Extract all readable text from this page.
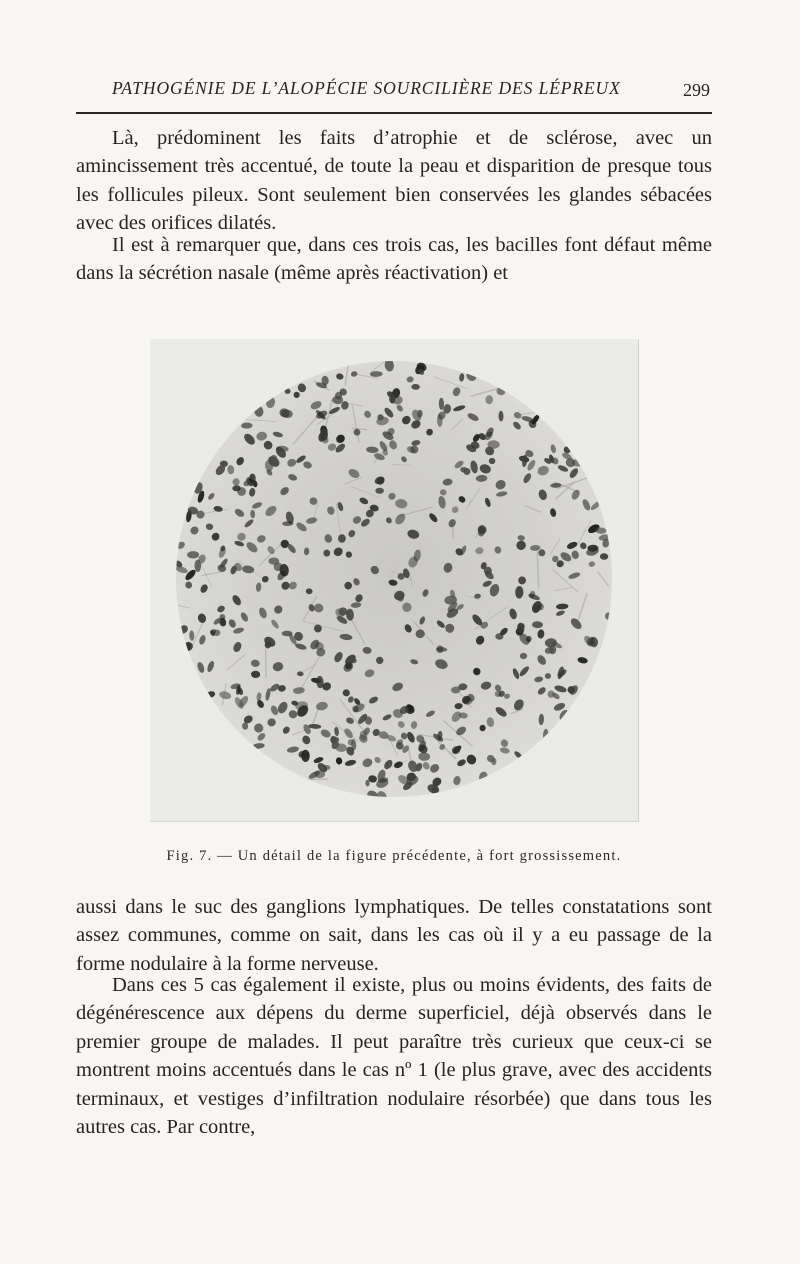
PATHOGÉNIE DE L’ALOPÉCIE SOURCILIÈRE DES LÉPREUX	299

Là, prédominent les faits d’atrophie et de sclérose, avec un amincissement très accentué, de toute la peau et disparition de presque tous les follicules pileux. Sont seulement bien conservées les glandes sébacées avec des orifices dilatés.

Il est à remarquer que, dans ces trois cas, les bacilles font défaut même dans la sécrétion nasale (même après réactivation) et

Fig. 7. — Un détail de la figure précédente, à fort grossissement.

aussi dans le suc des ganglions lymphatiques. De telles constatations sont assez communes, comme on sait, dans les cas où il y a eu passage de la forme nodulaire à la forme nerveuse.

Dans ces 5 cas également il existe, plus ou moins évidents, des faits de dégénérescence aux dépens du derme superficiel, déjà observés dans le premier groupe de malades. Il peut paraître très curieux que ceux-ci se montrent moins accentués dans le cas nº 1 (le plus grave, avec des accidents terminaux, et vestiges d’infiltration nodulaire résorbée) que dans tous les autres cas. Par contre,
